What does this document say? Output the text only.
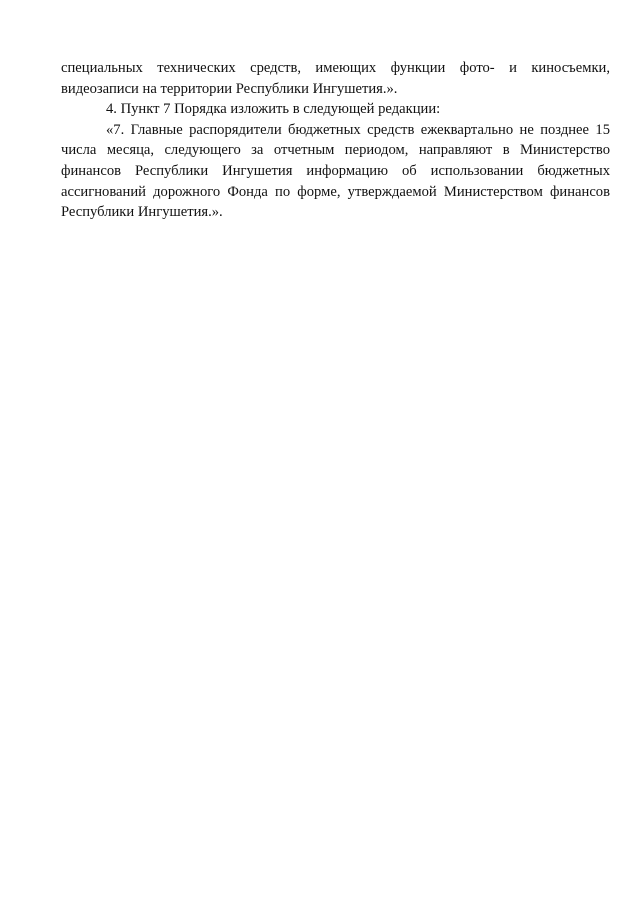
специальных технических средств, имеющих функции фото- и киносъемки, видеозаписи на территории Республики Ингушетия.».

4. Пункт 7 Порядка изложить в следующей редакции:

«7. Главные распорядители бюджетных средств ежеквартально не позднее 15 числа месяца, следующего за отчетным периодом, направляют в Министерство финансов Республики Ингушетия информацию об использовании бюджетных ассигнований дорожного Фонда по форме, утверждаемой Министерством финансов Республики Ингушетия.».
